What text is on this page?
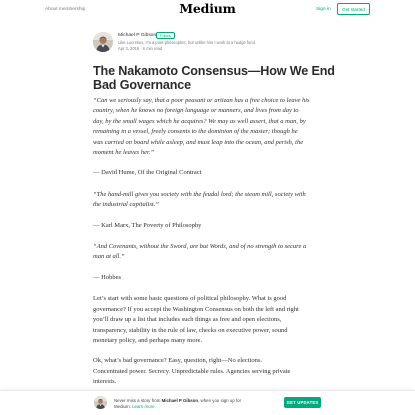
About membership	Medium	Sign in	Get started
Michael P Gibson Follow
Like Lucretius, I'm a poet-philosopher, but unlike him I work at a hedge fund.
Apr 3, 2016 · 6 min read
The Nakamoto Consensus—How We End
Bad Governance

“Can we seriously say, that a poor peasant or artizan has a free choice to leave his
country, when he knows no foreign language or manners, and lives from day to
day, by the small wages which he acquires? We may as well assert, that a man, by
remaining in a vessel, freely consents to the dominion of the master; though he
was carried on board while asleep, and must leap into the ocean, and perish, the
moment he leaves her.”

— David Hume, Of the Original Contract

“The hand-mill gives you society with the feudal lord; the steam mill, society with
the industrial capitalist.”

— Karl Marx, The Poverty of Philosophy

“And Covenants, without the Sword, are but Words, and of no strength to secure a
man at all.”

— Hobbes

Let’s start with some basic questions of political philosophy. What is good
governance? If you accept the Washington Consensus on both the left and right
you’ll draw up a list that includes such things as free and open elections,
transparency, stability in the rule of law, checks on executive power, sound
monetary policy, and perhaps many more.

Ok, what’s bad governance? Easy, question, right—No elections.
Concentrated power. Secrecy. Unpredictable rules. Agencies serving private
interests.

Never miss a story from Michael P Gibson, when you sign up for
Medium. Learn more
GET UPDATES
